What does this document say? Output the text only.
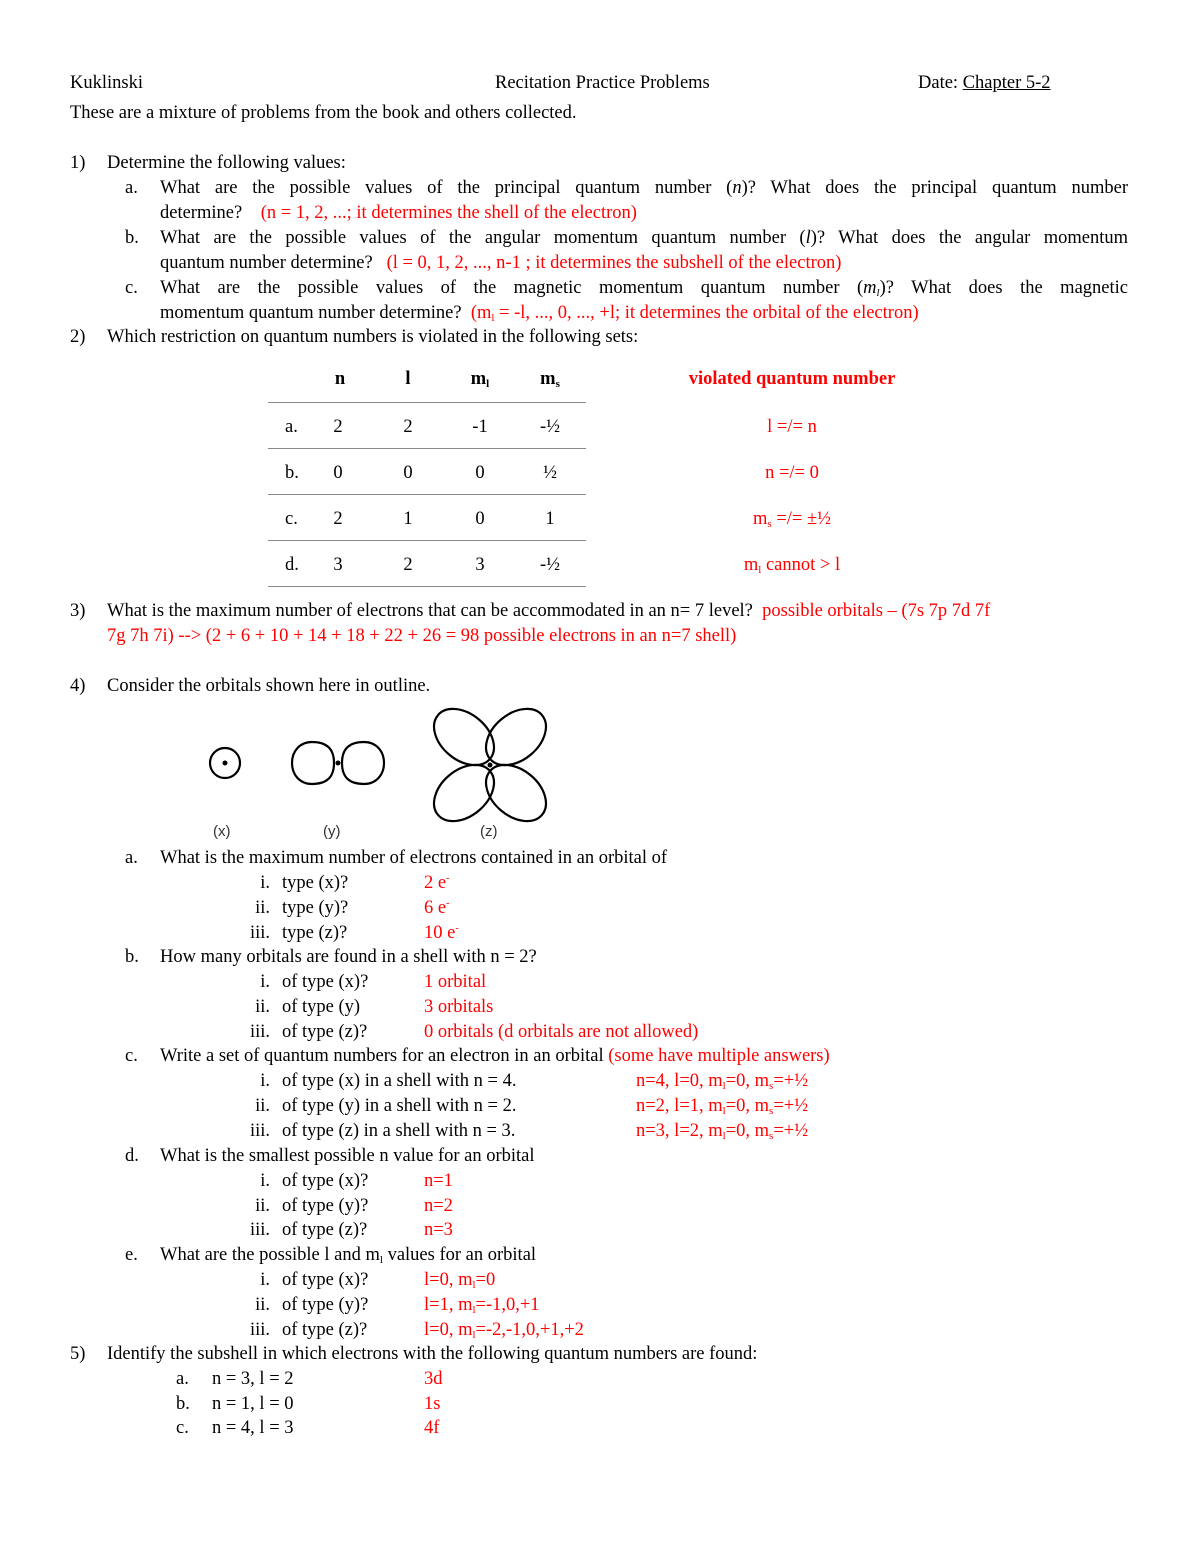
Kuklinski	Recitation Practice Problems	Date: Chapter 5-2
These are a mixture of problems from the book and others collected.
1) Determine the following values:
a. What are the possible values of the principal quantum number (n)? What does the principal quantum number
determine? (n = 1, 2, ...; it determines the shell of the electron)
b. What are the possible values of the angular momentum quantum number (l)? What does the angular momentum
quantum number determine? (l = 0, 1, 2, ..., n-1 ; it determines the subshell of the electron)
c. What are the possible values of the magnetic momentum quantum number $(m_l)$? What does the magnetic
momentum quantum number determine? ($m_l = -l$, ..., 0, ..., +l; it determines the orbital of the electron)
2) Which restriction on quantum numbers is violated in the following sets:
n	l	$m_l$	$m_s$	violated quantum number
a.	2	2	-1	-½	l =/= n
b.	0	0	0	½	n =/= 0
c.	2	1	0	1	$m_s$ =/= ±½
d.	3	2	3	-½	$m_l$ cannot > l
3) What is the maximum number of electrons that can be accommodated in an n= 7 level? possible orbitals – (7s 7p 7d 7f
7g 7h 7i) --> (2 + 6 + 10 + 14 + 18 + 22 + 26 = 98 possible electrons in an n=7 shell)
4) Consider the orbitals shown here in outline.
(x)	(y)	(z)
a. What is the maximum number of electrons contained in an orbital of
i. type (x)?	2 e-
ii. type (y)?	6 e-
iii. type (z)?	10 e-
b. How many orbitals are found in a shell with n = 2?
i. of type (x)?	1 orbital
ii. of type (y)	3 orbitals
iii. of type (z)?	0 orbitals (d orbitals are not allowed)
c. Write a set of quantum numbers for an electron in an orbital (some have multiple answers)
i. of type (x) in a shell with n = 4.	n=4, l=0, $m_l=0$, $m_s=+\frac{1}{2}$
ii. of type (y) in a shell with n = 2.	n=2, l=1, $m_l=0$, $m_s=+\frac{1}{2}$
iii. of type (z) in a shell with n = 3.	n=3, l=2, $m_l=0$, $m_s=+\frac{1}{2}$
d. What is the smallest possible n value for an orbital
i. of type (x)?	n=1
ii. of type (y)?	n=2
iii. of type (z)?	n=3
e. What are the possible l and $m_l$ values for an orbital
i. of type (x)?	l=0, $m_l=0$
ii. of type (y)?	l=1, $m_l=-1,0,+1$
iii. of type (z)?	l=0, $m_l=-2,-1,0,+1,+2$
5) Identify the subshell in which electrons with the following quantum numbers are found:
a. n = 3, l = 2	3d
b. n = 1, l = 0	1s
c. n = 4, l = 3	4f
